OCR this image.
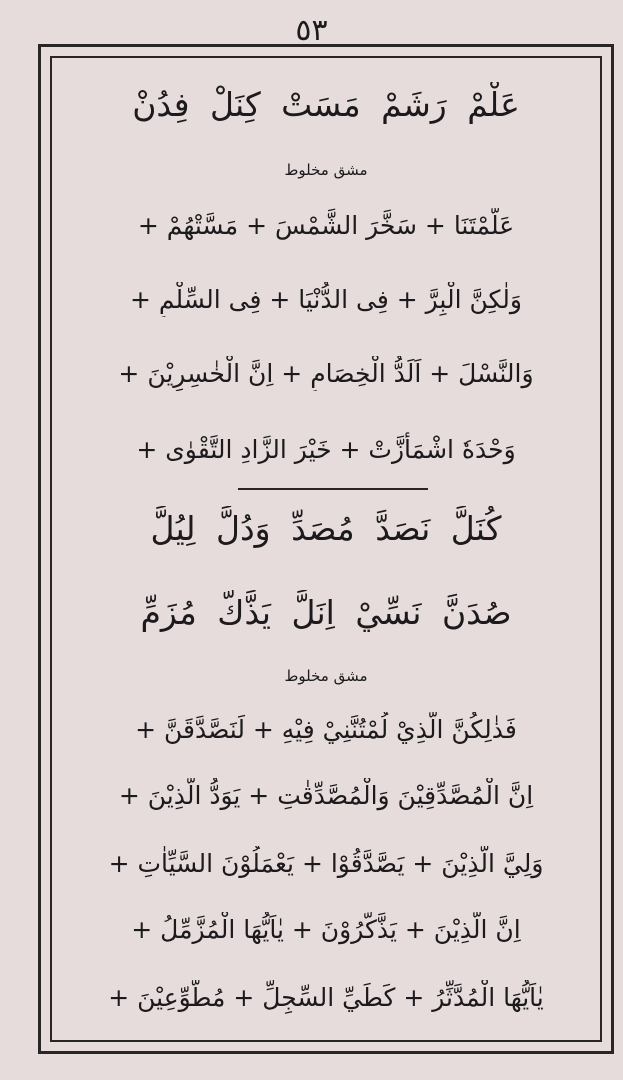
٥٣
عَلْمْ رَشَمْ مَسَتْ كِنَلْ فِدُنْ
مشق مخلوط
عَلَّمْتَنَا + سَخَّرَ الشَّمْسَ + مَسَّتْهُمْ +
وَلٰكِنَّ الْبِرَّ + فِى الدُّنْيَا + فِى السِّلْمِ +
وَالنَّسْلَ + اَلَدُّ الْخِصَامِ + اِنَّ الْخٰسِرِيْنَ +
وَحْدَهٗ اشْمَأَزَّتْ + خَيْرَ الزَّادِ التَّقْوٰى +
كُنَلَّ نَصَدَّ مُصَدِّ وَدُلَّ لِيُلَّ
صُدَنَّ نَسِّيْ اِنَلَّ يَذَّكَّ مُزَمِّ
مشق مخلوط
فَذٰلِكُنَّ الَّذِيْ لُمْتُنَّنِيْ فِيْهِ + لَنَصَّدَّقَنَّ +
اِنَّ الْمُصَّدِّقِيْنَ وَالْمُصَّدِّقٰتِ + يَوَدُّ الَّذِيْنَ +
وَلِيَّ الَّذِيْنَ + يَصَّدَّقُوْا + يَعْمَلُوْنَ السَّيِّاٰتِ +
اِنَّ الَّذِيْنَ + يَذَّكَّرُوْنَ + يٰاَيُّهَا الْمُزَّمِّلُ +
يٰاَيُّهَا الْمُدَّثِّرُ + كَطَيِّ السِّجِلِّ + مُطَّوِّعِيْنَ +
